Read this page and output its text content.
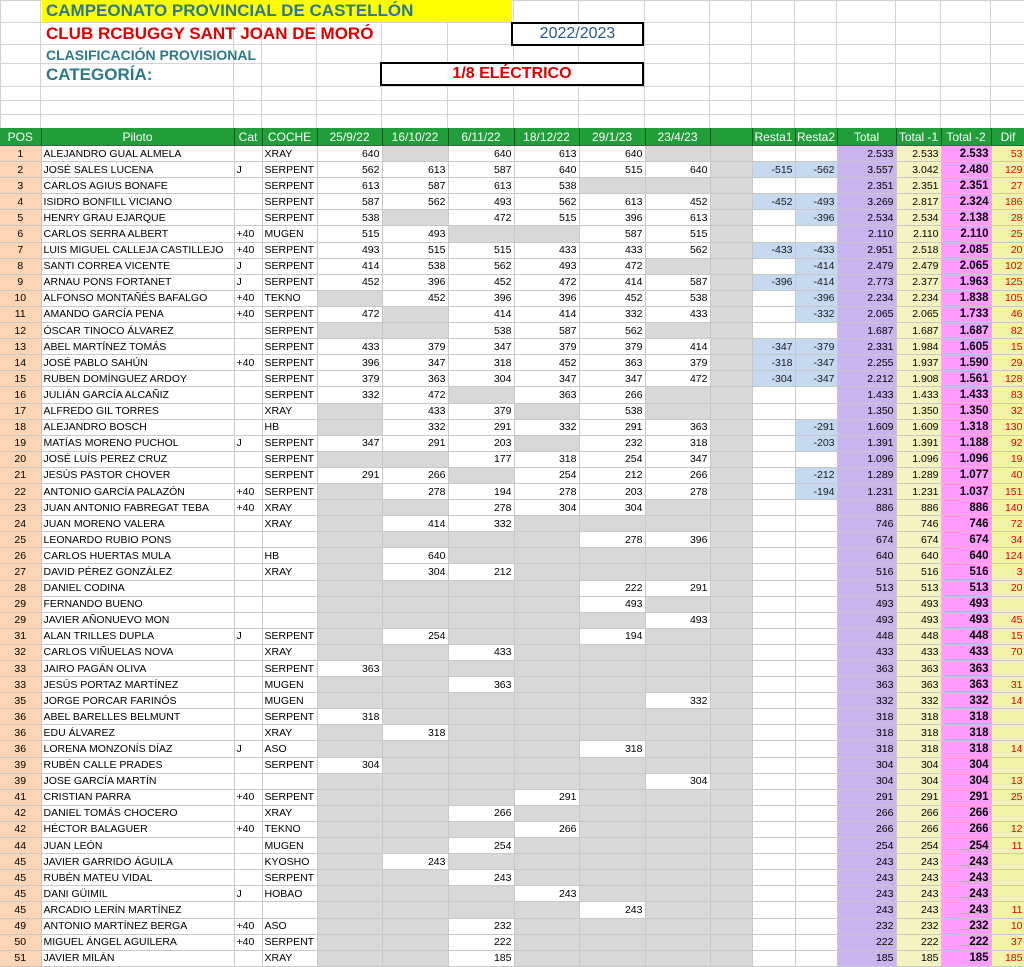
CAMPEONATO PROVINCIAL DE CASTELLÓN
CLUB RCBUGGY SANT JOAN DE MORÓ	2022/2023
CLASIFICACIÓN PROVISIONAL
CATEGORÍA:	1/8 ELÉCTRICO
POS	Piloto	Cat	COCHE	25/9/22	16/10/22	6/11/22	18/12/22	29/1/23	23/4/23		Resta1	Resta2	Total	Total -1	Total -2	Dif
1	ALEJANDRO GUAL ALMELA		XRAY	640		640	613	640					2.533	2.533	2.533	53
2	JOSÉ SALES LUCENA	J	SERPENT	562	613	587	640	515	640		-515	-562	3.557	3.042	2.480	129
3	CARLOS AGIUS BONAFE		SERPENT	613	587	613	538						2.351	2.351	2.351	27
4	ISIDRO BONFILL VICIANO		SERPENT	587	562	493	562	613	452		-452	-493	3.269	2.817	2.324	186
5	HENRY GRAU EJARQUE		SERPENT	538		472	515	396	613			-396	2.534	2.534	2.138	28
6	CARLOS SERRA ALBERT	+40	MUGEN	515	493			587	515				2.110	2.110	2.110	25
7	LUIS MIGUEL CALLEJA CASTILLEJO	+40	SERPENT	493	515	515	433	433	562		-433	-433	2.951	2.518	2.085	20
8	SANTI CORREA VICENTE	J	SERPENT	414	538	562	493	472				-414	2.479	2.479	2.065	102
9	ARNAU PONS FORTANET	J	SERPENT	452	396	452	472	414	587		-396	-414	2.773	2.377	1.963	125
10	ALFONSO MONTAÑÉS BAFALGO	+40	TEKNO		452	396	396	452	538			-396	2.234	2.234	1.838	105
11	AMANDO GARCÍA PENA	+40	SERPENT	472		414	414	332	433			-332	2.065	2.065	1.733	46
12	ÓSCAR TINOCO ÁLVAREZ		SERPENT			538	587	562					1.687	1.687	1.687	82
13	ABEL MARTÍNEZ TOMÁS		SERPENT	433	379	347	379	379	414		-347	-379	2.331	1.984	1.605	15
14	JOSÉ PABLO SAHÚN	+40	SERPENT	396	347	318	452	363	379		-318	-347	2.255	1.937	1.590	29
15	RUBEN DOMÍNGUEZ ARDOY		SERPENT	379	363	304	347	347	472		-304	-347	2.212	1.908	1.561	128
16	JULIÁN GARCÍA ALCAÑIZ		SERPENT	332	472		363	266					1.433	1.433	1.433	83
17	ALFREDO GIL TORRES		XRAY		433	379		538					1.350	1.350	1.350	32
18	ALEJANDRO BOSCH		HB		332	291	332	291	363			-291	1.609	1.609	1.318	130
19	MATÍAS MORENO PUCHOL	J	SERPENT	347	291	203		232	318			-203	1.391	1.391	1.188	92
20	JOSÉ LUÍS PEREZ CRUZ		SERPENT			177	318	254	347				1.096	1.096	1.096	19
21	JESÚS PASTOR CHOVER		SERPENT	291	266		254	212	266			-212	1.289	1.289	1.077	40
22	ANTONIO GARCÍA PALAZÓN	+40	SERPENT		278	194	278	203	278			-194	1.231	1.231	1.037	151
23	JUAN ANTONIO FABREGAT TEBA	+40	XRAY			278	304	304					886	886	886	140
24	JUAN MORENO VALERA		XRAY		414	332							746	746	746	72
25	LEONARDO RUBIO PONS							278	396				674	674	674	34
26	CARLOS HUERTAS MULA		HB		640								640	640	640	124
27	DAVID PÉREZ GONZÁLEZ		XRAY		304	212							516	516	516	3
28	DANIEL CODINA							222	291				513	513	513	20
29	FERNANDO BUENO							493					493	493	493	
29	JAVIER AÑONUEVO MON								493				493	493	493	45
31	ALAN TRILLES DUPLA	J	SERPENT		254			194					448	448	448	15
32	CARLOS VIÑUELAS NOVA		XRAY			433							433	433	433	70
33	JAIRO PAGÁN OLIVA		SERPENT	363									363	363	363	
33	JESÚS PORTAZ MARTÍNEZ		MUGEN			363							363	363	363	31
35	JORGE PORCAR FARINÓS		MUGEN						332				332	332	332	14
36	ABEL BARELLES BELMUNT		SERPENT	318									318	318	318	
36	EDU ÁLVAREZ		XRAY		318								318	318	318	
36	LORENA MONZONÍS DÍAZ	J	ASO					318					318	318	318	14
39	RUBÉN CALLE PRADES		SERPENT	304									304	304	304	
39	JOSE GARCÍA MARTÍN								304				304	304	304	13
41	CRISTIAN PARRA	+40	SERPENT				291						291	291	291	25
42	DANIEL TOMÁS CHOCERO		XRAY			266							266	266	266	
42	HÉCTOR BALAGUER	+40	TEKNO				266						266	266	266	12
44	JUAN LEÓN		MUGEN			254							254	254	254	11
45	JAVIER GARRIDO ÁGUILA		KYOSHO		243								243	243	243	
45	RUBÉN MATEU VIDAL		SERPENT			243							243	243	243	
45	DANI GÜIMIL	J	HOBAO				243						243	243	243	
45	ARCADIO LERÍN MARTÍNEZ							243					243	243	243	11
49	ANTONIO MARTÍNEZ BERGA	+40	ASO			232							232	232	232	10
50	MIGUEL ÁNGEL AGUILERA	+40	SERPENT			222							222	222	222	37
51	JAVIER MILÁN		XRAY			185							185	185	185	185
